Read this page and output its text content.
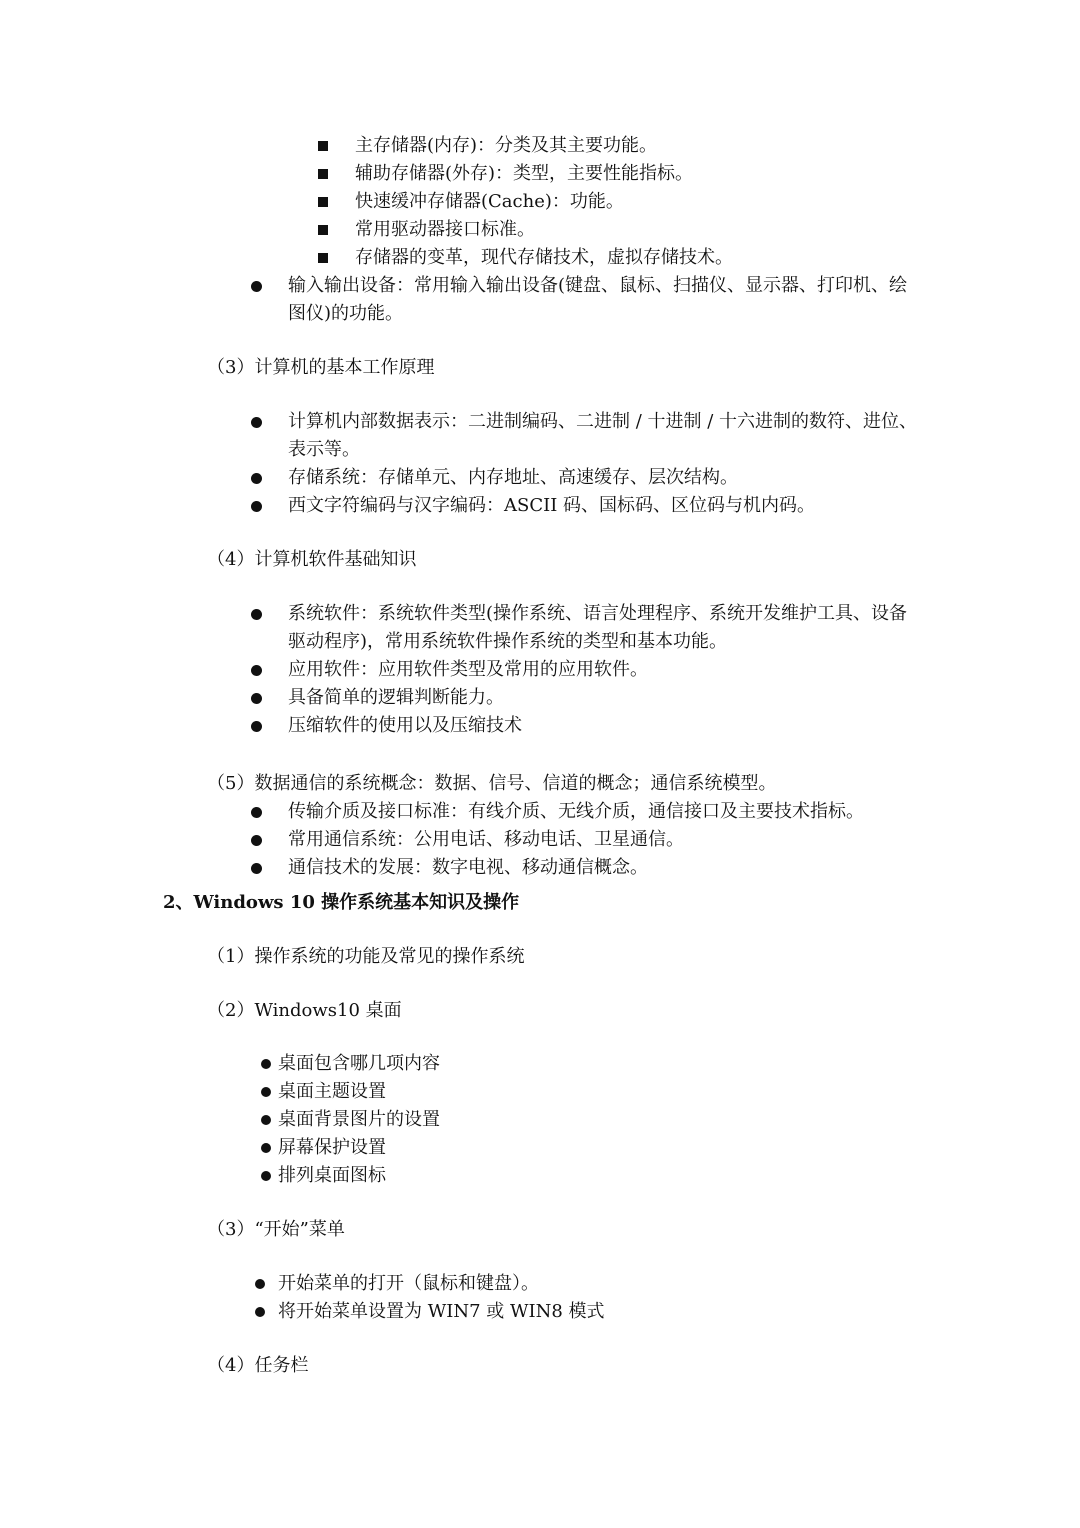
主存储器(内存)：分类及其主要功能。
辅助存储器(外存)：类型，主要性能指标。
快速缓冲存储器(Cache)：功能。
常用驱动器接口标准。
存储器的变革，现代存储技术，虚拟存储技术。
输入输出设备：常用输入输出设备(键盘、鼠标、扫描仪、显示器、打印机、绘
图仪)的功能。
（3）计算机的基本工作原理
计算机内部数据表示：二进制编码、二进制 / 十进制 / 十六进制的数符、进位、
表示等。
存储系统：存储单元、内存地址、高速缓存、层次结构。
西文字符编码与汉字编码：ASCII 码、国标码、区位码与机内码。
（4）计算机软件基础知识
系统软件：系统软件类型(操作系统、语言处理程序、系统开发维护工具、设备
驱动程序)，常用系统软件操作系统的类型和基本功能。
应用软件：应用软件类型及常用的应用软件。
具备简单的逻辑判断能力。
压缩软件的使用以及压缩技术
（5）数据通信的系统概念：数据、信号、信道的概念；通信系统模型。
传输介质及接口标准：有线介质、无线介质，通信接口及主要技术指标。
常用通信系统：公用电话、移动电话、卫星通信。
通信技术的发展：数字电视、移动通信概念。
2、Windows 10 操作系统基本知识及操作
（1）操作系统的功能及常见的操作系统
（2）Windows10 桌面
桌面包含哪几项内容
桌面主题设置
桌面背景图片的设置
屏幕保护设置
排列桌面图标
（3）“开始”菜单
开始菜单的打开（鼠标和键盘）。
将开始菜单设置为 WIN7 或 WIN8 模式
（4）任务栏
